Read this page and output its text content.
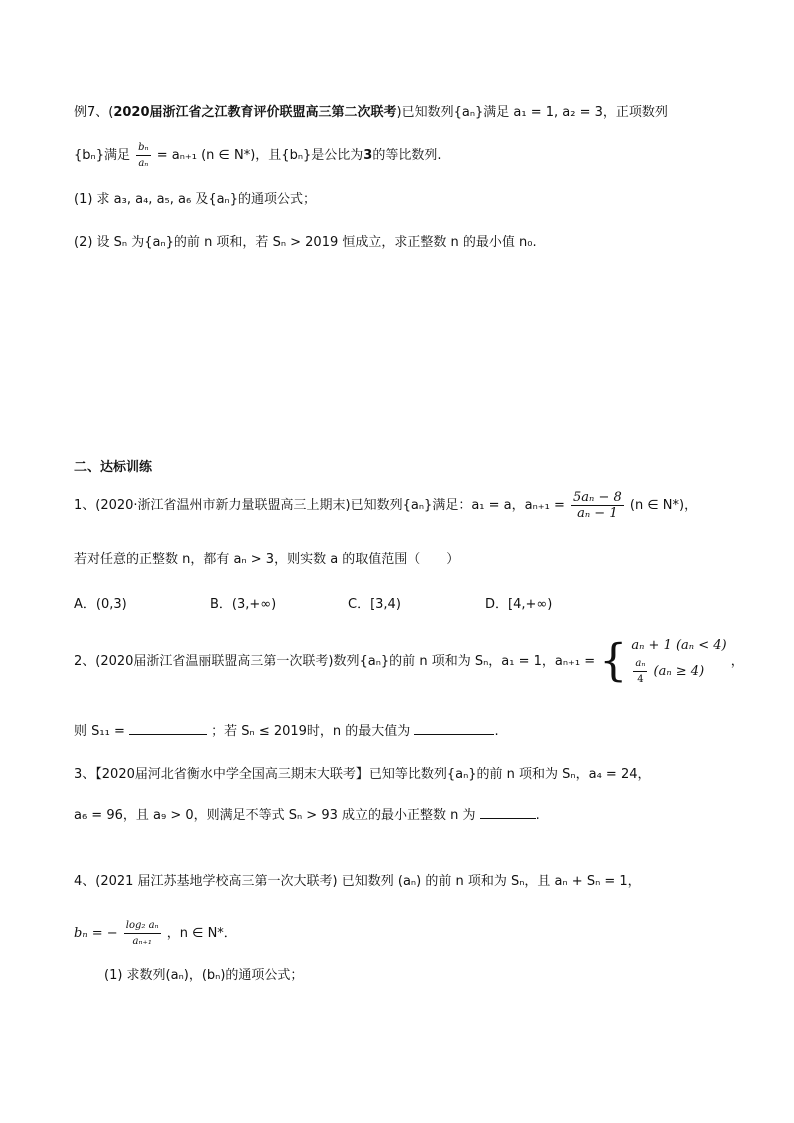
例7、(2020届浙江省之江教育评价联盟高三第二次联考)已知数列{aₙ}满足 a₁ = 1, a₂ = 3，正项数列
{bₙ}满足 $\frac{\text{bₙ}}{\text{aₙ}} = a_{n+1}$ (n ∈ N*)，且{bₙ}是公比为3的等比数列.
(1) 求 a₃, a₄, a₅, a₆ 及{aₙ}的通项公式；
(2) 设 Sₙ 为{aₙ}的前 n 项和，若 Sₙ > 2019 恒成立，求正整数 n 的最小值 n₀.
二、达标训练
1、(2020·浙江省温州市新力量联盟高三上期末)已知数列{aₙ}满足：a₁ = a，$a_{n+1} = \frac{\text{5aₙ − 8}}{\text{aₙ − 1}} (n$ ∈ N*)，
若对任意的正整数 n，都有 aₙ > 3，则实数 a 的取值范围（　　）
A．(0,3)	B．(3,+∞)	C．[3,4)	D．[4,+∞)
2、(2020届浙江省温丽联盟高三第一次联考)数列{aₙ}的前 n 项和为 Sₙ，a₁ = 1，aₙ₊₁ = { aₙ + 1 (aₙ < 4)
$\frac{\text{aₙ}}{4} (a_n \ge 4)$
，
则 S₁₁ =	；若 Sₙ ≤ 2019时，n 的最大值为	.
3、【2020届河北省衡水中学全国高三期末大联考】已知等比数列{aₙ}的前 n 项和为 Sₙ，a₄ = 24，
a₆ = 96，且 a₉ > 0，则满足不等式 Sₙ > 93 成立的最小正整数 n 为	.
4、(2021 届江苏基地学校高三第一次大联考) 已知数列 (aₙ) 的前 n 项和为 Sₙ，且 aₙ + Sₙ = 1，
bₙ = − $\frac{\text{log₂ aₙ}}{\text{aₙ₊₁}}$ ，n ∈ N*．
(1) 求数列(aₙ)，(bₙ)的通项公式；
